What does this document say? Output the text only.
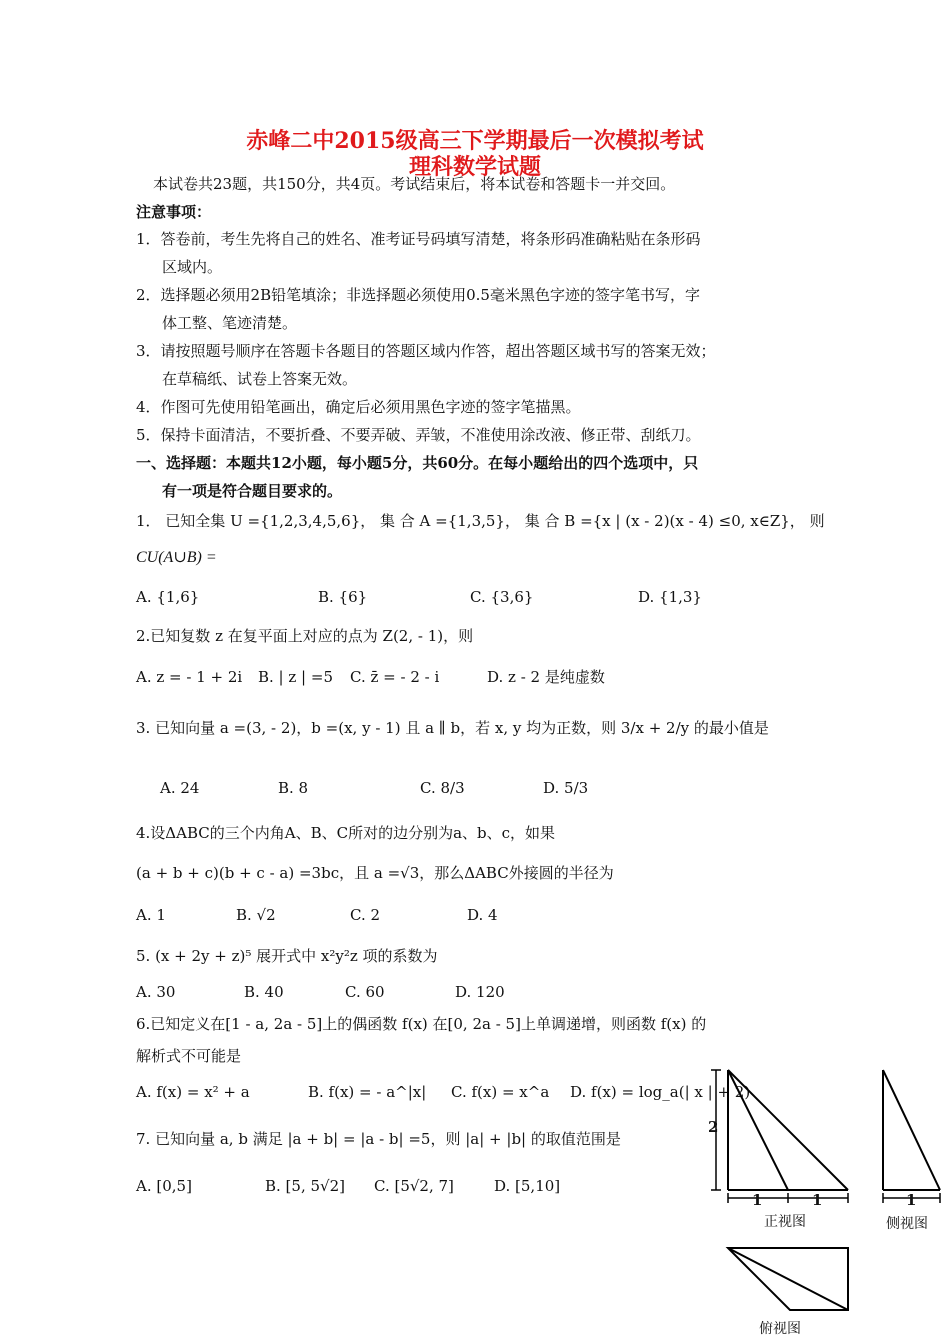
赤峰二中2015级高三下学期最后一次模拟考试
理科数学试题
本试卷共23题，共150分，共4页。考试结束后，将本试卷和答题卡一并交回。
注意事项：
1．答卷前，考生先将自己的姓名、准考证号码填写清楚，将条形码准确粘贴在条形码
区域内。
2．选择题必须用2B铅笔填涂；非选择题必须使用0.5毫米黑色字迹的签字笔书写，字
体工整、笔迹清楚。
3．请按照题号顺序在答题卡各题目的答题区域内作答，超出答题区域书写的答案无效；
在草稿纸、试卷上答案无效。
4．作图可先使用铅笔画出，确定后必须用黑色字迹的签字笔描黑。
5．保持卡面清洁，不要折叠、不要弄破、弄皱，不准使用涂改液、修正带、刮纸刀。
一、选择题：本题共12小题，每小题5分，共60分。在每小题给出的四个选项中，只
有一项是符合题目要求的。
1． 已知全集 U ={1,2,3,4,5,6}， 集 合 A ={1,3,5}， 集 合 B ={x | (x - 2)(x - 4) ≤0, x∈Z}， 则
CU(A∪B) =
A. {1,6}	B. {6}	C. {3,6}	D. {1,3}
2.已知复数 z 在复平面上对应的点为 Z(2, - 1)，则
A. z = - 1 + 2i B. | z | =5 C. z̄ = - 2 - i	D. z - 2 是纯虚数
3. 已知向量 a =(3, - 2)，b =(x, y - 1) 且 a ∥ b，若 x, y 均为正数，则 3/x + 2/y 的最小值是
A. 24	B. 8	C. 8/3	D. 5/3
4.设ΔABC的三个内角A、B、C所对的边分别为a、b、c，如果
(a + b + c)(b + c - a) =3bc，且 a =√3，那么ΔABC外接圆的半径为
A. 1	B. √2	C. 2	D. 4
5. (x + 2y + z)⁵ 展开式中 x²y²z 项的系数为
A. 30	B. 40	C. 60	D. 120
6.已知定义在[1 - a, 2a - 5]上的偶函数 f(x) 在[0, 2a - 5]上单调递增，则函数 f(x) 的
解析式不可能是
A. f(x) = x² + a	B. f(x) = - a^|x| C. f(x) = x^a D. f(x) = log_a(| x | + 2)
7. 已知向量 a, b 满足 |a + b| = |a - b| =5，则 |a| + |b| 的取值范围是
A. [0,5]	B. [5, 5√2] C. [5√2, 7]	D. [5,10]
2
1	1	1
正视图	侧视图
俯视图
